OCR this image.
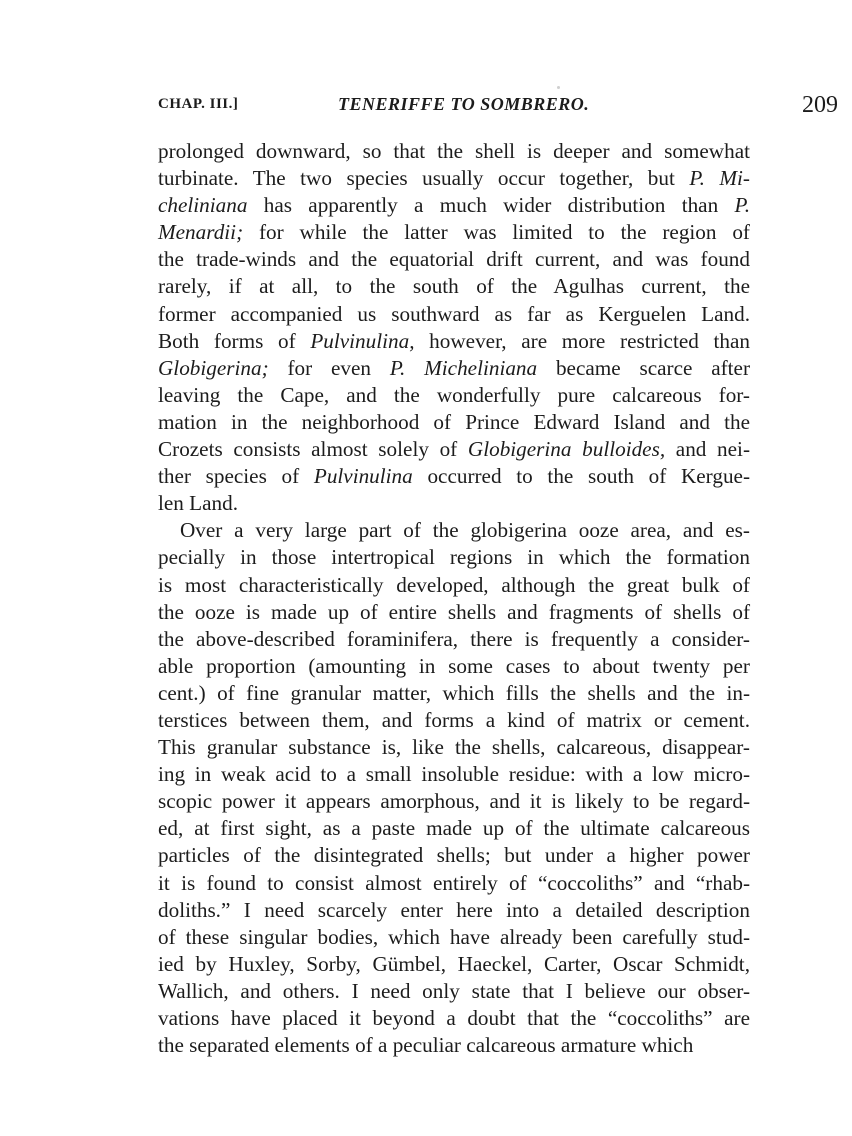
CHAP. III.]	TENERIFFE TO SOMBRERO.	209
prolonged downward, so that the shell is deeper and somewhat
turbinate. The two species usually occur together, but P. Mi-
cheliniana has apparently a much wider distribution than P.
Menardii; for while the latter was limited to the region of
the trade-winds and the equatorial drift current, and was found
rarely, if at all, to the south of the Agulhas current, the
former accompanied us southward as far as Kerguelen Land.
Both forms of Pulvinulina, however, are more restricted than
Globigerina; for even P. Micheliniana became scarce after
leaving the Cape, and the wonderfully pure calcareous for-
mation in the neighborhood of Prince Edward Island and the
Crozets consists almost solely of Globigerina bulloides, and nei-
ther species of Pulvinulina occurred to the south of Kergue-
len Land.
Over a very large part of the globigerina ooze area, and es-
pecially in those intertropical regions in which the formation
is most characteristically developed, although the great bulk of
the ooze is made up of entire shells and fragments of shells of
the above-described foraminifera, there is frequently a consider-
able proportion (amounting in some cases to about twenty per
cent.) of fine granular matter, which fills the shells and the in-
terstices between them, and forms a kind of matrix or cement.
This granular substance is, like the shells, calcareous, disappear-
ing in weak acid to a small insoluble residue: with a low micro-
scopic power it appears amorphous, and it is likely to be regard-
ed, at first sight, as a paste made up of the ultimate calcareous
particles of the disintegrated shells; but under a higher power
it is found to consist almost entirely of “coccoliths” and “rhab-
doliths.” I need scarcely enter here into a detailed description
of these singular bodies, which have already been carefully stud-
ied by Huxley, Sorby, Gümbel, Haeckel, Carter, Oscar Schmidt,
Wallich, and others. I need only state that I believe our obser-
vations have placed it beyond a doubt that the “coccoliths” are
the separated elements of a peculiar calcareous armature which
